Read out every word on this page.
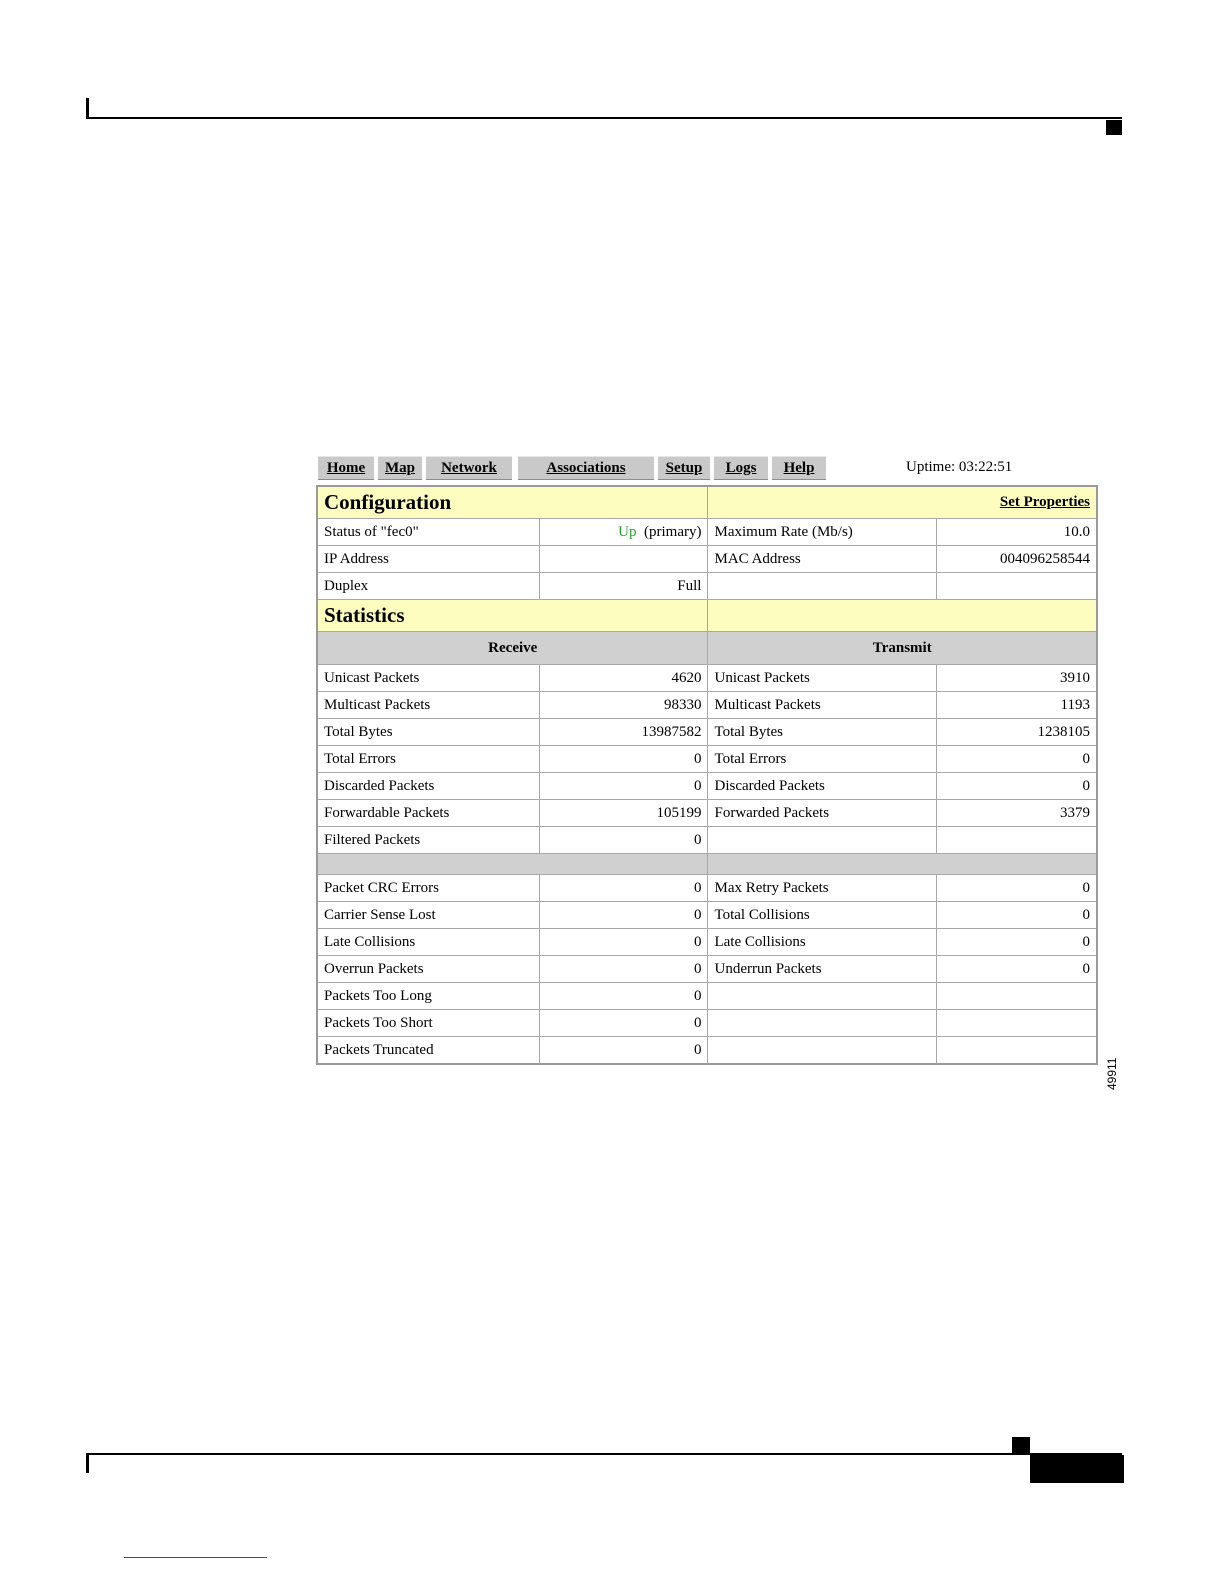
Home	Map	Network	Associations	Setup	Logs	Help	Uptime: 03:22:51
Configuration		Set Properties	
Status of "fec0"	Up (primary)	Maximum Rate (Mb/s)	10.0
IP Address		MAC Address	004096258544
Duplex	Full		
Statistics			
Receive		Transmit	
Unicast Packets	4620	Unicast Packets	3910
Multicast Packets	98330	Multicast Packets	1193
Total Bytes	13987582	Total Bytes	1238105
Total Errors	0	Total Errors	0
Discarded Packets	0	Discarded Packets	0
Forwardable Packets	105199	Forwarded Packets	3379
Filtered Packets	0		

Packet CRC Errors	0	Max Retry Packets	0
Carrier Sense Lost	0	Total Collisions	0
Late Collisions	0	Late Collisions	0
Overrun Packets	0	Underrun Packets	0
Packets Too Long	0		
Packets Too Short	0		
Packets Truncated	0		
49911
